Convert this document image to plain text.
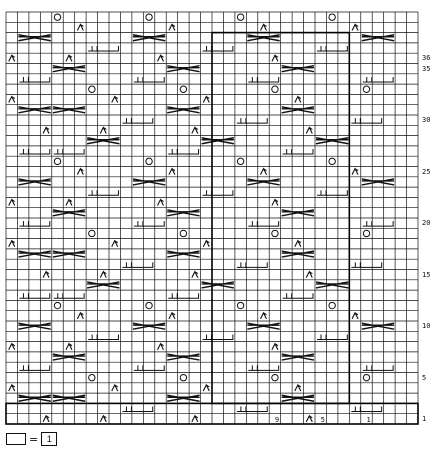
1
5
10
15
20
25
30
35
36
9	5	1
= 1
